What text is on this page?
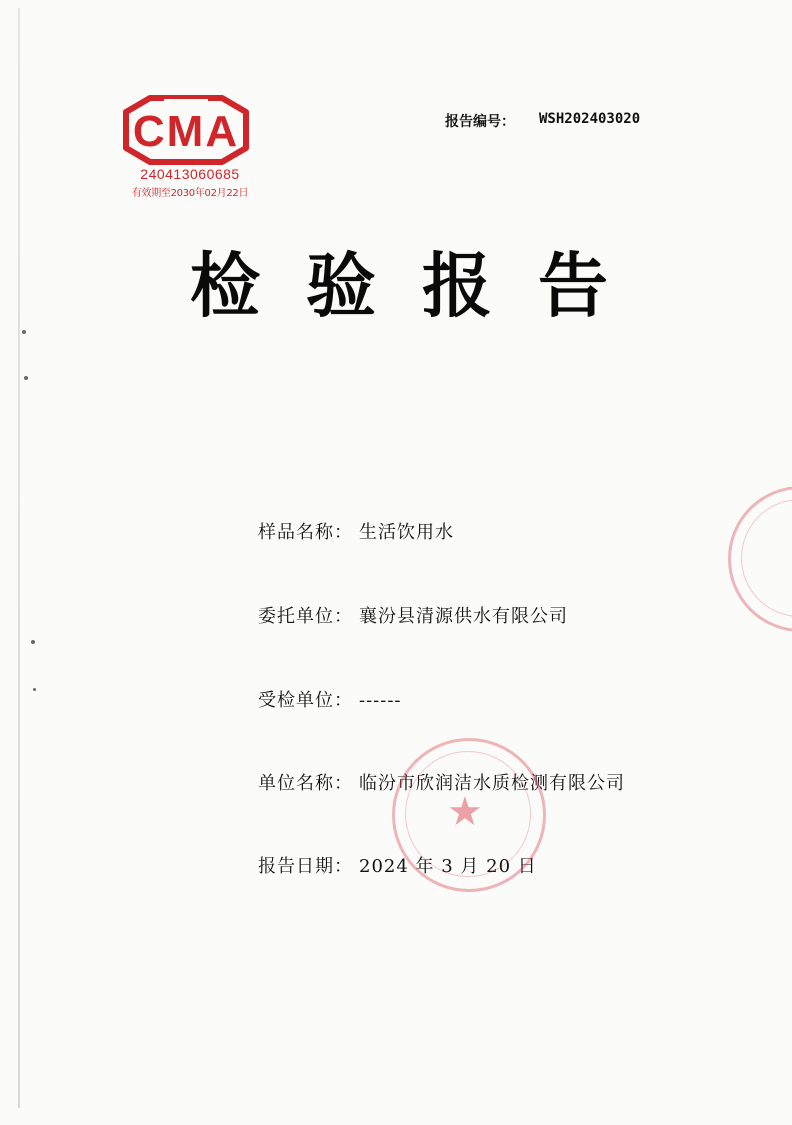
CMA
240413060685
有效期至2030年02月22日
报告编号： WSH202403020
检验报告
样品名称： 生活饮用水
委托单位： 襄汾县清源供水有限公司
受检单位： ------
单位名称： 临汾市欣润洁水质检测有限公司
报告日期： 2024 年 3 月 20 日
★
